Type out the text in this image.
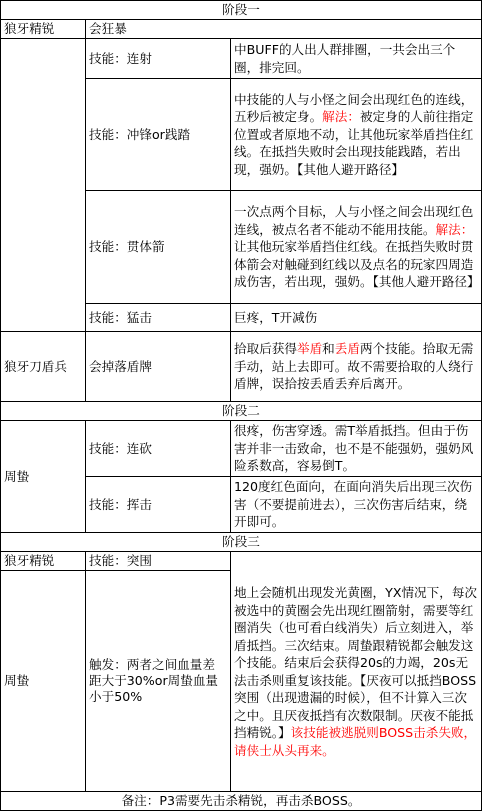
阶段一		
狼牙精锐	会狂暴	
	技能：连射	中BUFF的人出人群排圈，一共会出三个圈，排完回。
	技能：冲锋or践踏	中技能的人与小怪之间会出现红色的连线，五秒后被定身。解法：被定身的人前往指定位置或者原地不动，让其他玩家举盾挡住红线。在抵挡失败时会出现技能践踏，若出现，强奶。【其他人避开路径】
	技能：贯体箭	一次点两个目标，人与小怪之间会出现红色连线，被点名者不能动不能用技能。解法：让其他玩家举盾挡住红线。在抵挡失败时贯体箭会对触碰到红线以及点名的玩家四周造成伤害，若出现，强奶。【其他人避开路径】
	技能：猛击	巨疼，T开减伤
狼牙刀盾兵	会掉落盾牌	拾取后获得举盾和丢盾两个技能。拾取无需手动，站上去即可。故不需要拾取的人绕行盾牌，误拾按丢盾丢弃后离开。
阶段二		
周蛰	技能：连砍	很疼，伤害穿透。需T举盾抵挡。但由于伤害并非一击致命，也不是不能强奶，强奶风险系数高，容易倒T。
	技能：挥击	120度红色面向，在面向消失后出现三次伤害（不要提前进去），三次伤害后结束，绕开即可。
阶段三		
狼牙精锐	技能：突围	地上会随机出现发光黄圈，YX情况下，每次被选中的黄圈会先出现红圈箭射，需要等红圈消失（也可看白线消失）后立刻进入，举盾抵挡。三次结束。周蛰跟精锐都会触发这个技能。结束后会获得20s的力竭，20s无法击杀则重复该技能。【厌夜可以抵挡BOSS突围（出现遗漏的时候），但不计算入三次之中。且厌夜抵挡有次数限制。厌夜不能抵挡精锐。】该技能被逃脱则BOSS击杀失败，请侠士从头再来。
周蛰	触发：两者之间血量差距大于30%or周蛰血量小于50%	
备注：P3需要先击杀精锐，再击杀BOSS。		
